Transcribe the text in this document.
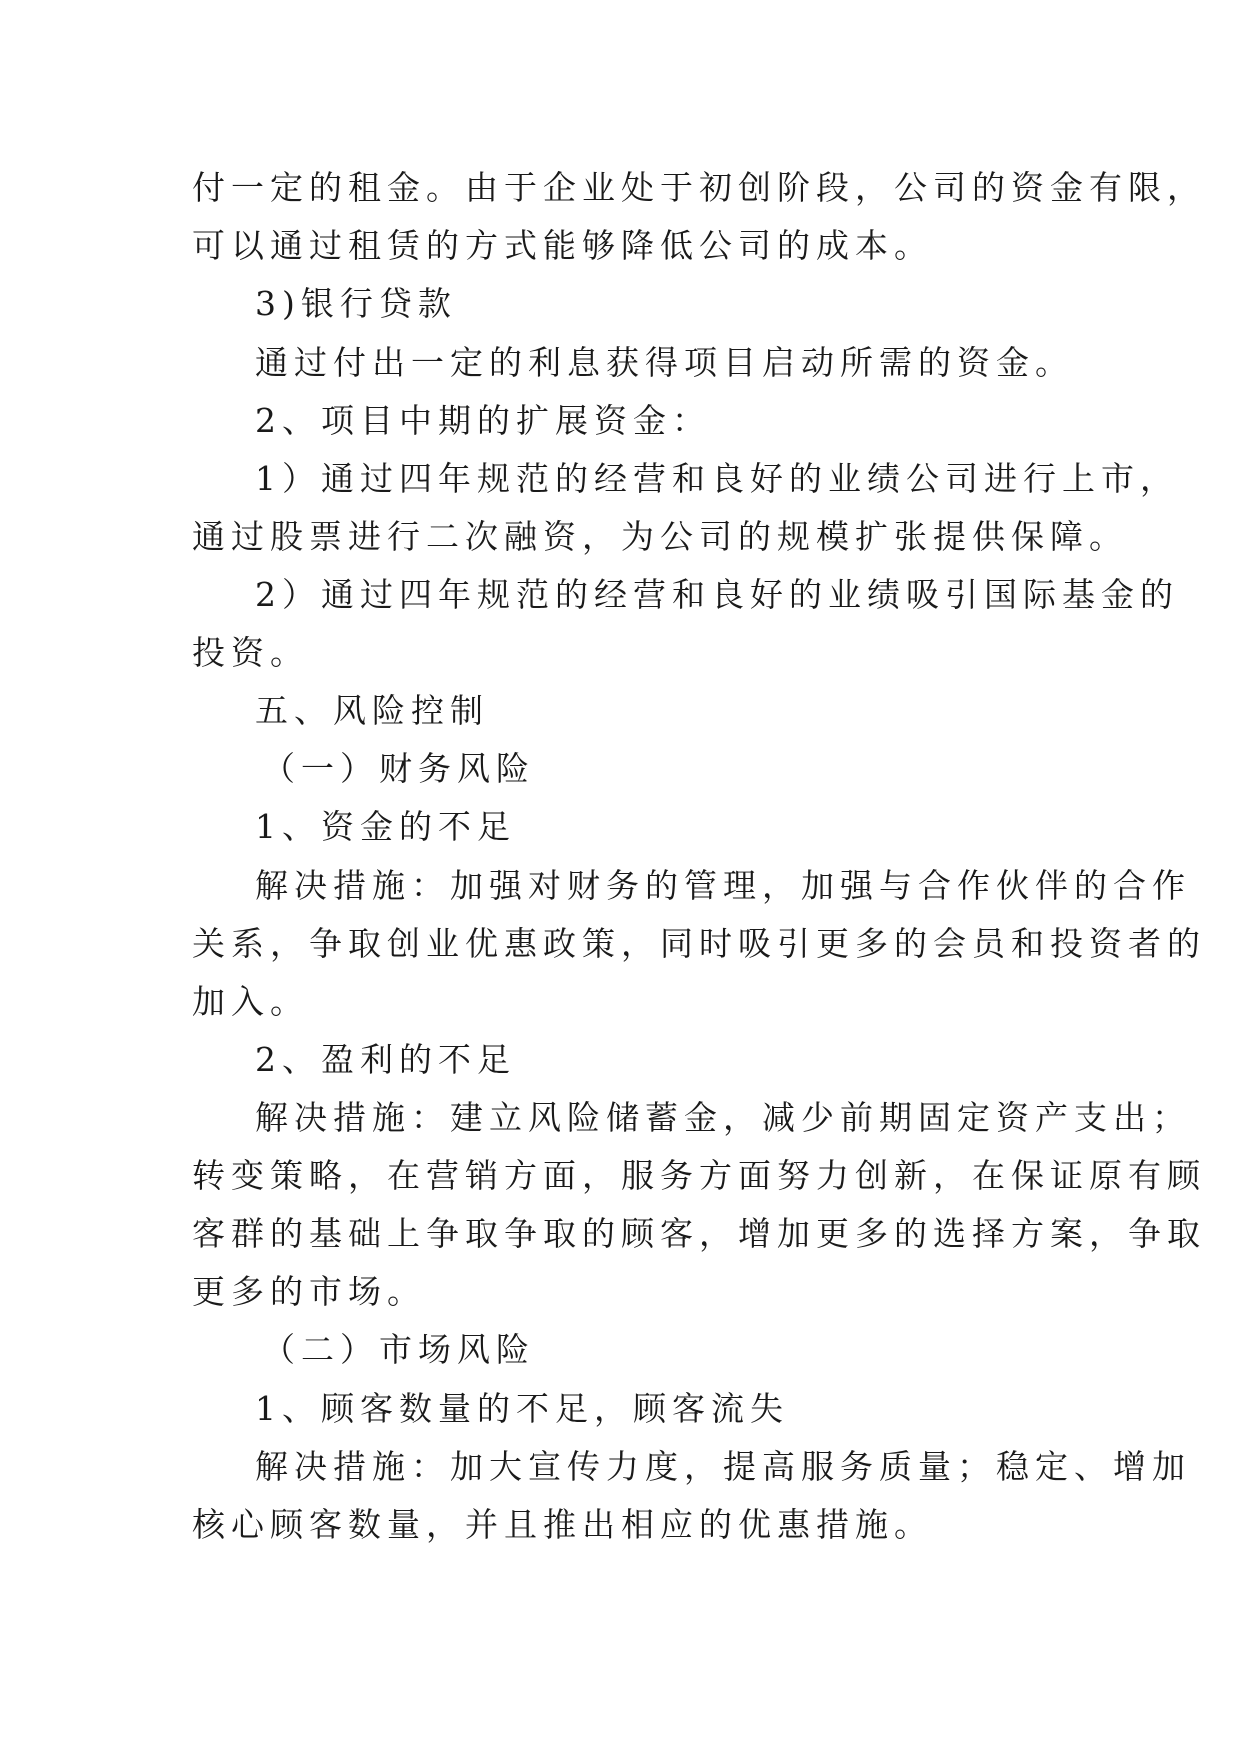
付一定的租金。由于企业处于初创阶段，公司的资金有限，
可以通过租赁的方式能够降低公司的成本。
3)银行贷款
通过付出一定的利息获得项目启动所需的资金。
2、项目中期的扩展资金：
1）通过四年规范的经营和良好的业绩公司进行上市，
通过股票进行二次融资，为公司的规模扩张提供保障。
2）通过四年规范的经营和良好的业绩吸引国际基金的
投资。
五、风险控制
（一）财务风险
1、资金的不足
解决措施：加强对财务的管理，加强与合作伙伴的合作
关系，争取创业优惠政策，同时吸引更多的会员和投资者的
加入。
2、盈利的不足
解决措施：建立风险储蓄金，减少前期固定资产支出；
转变策略，在营销方面，服务方面努力创新，在保证原有顾
客群的基础上争取争取的顾客，增加更多的选择方案，争取
更多的市场。
（二）市场风险
1、顾客数量的不足，顾客流失
解决措施：加大宣传力度，提高服务质量；稳定、增加
核心顾客数量，并且推出相应的优惠措施。
